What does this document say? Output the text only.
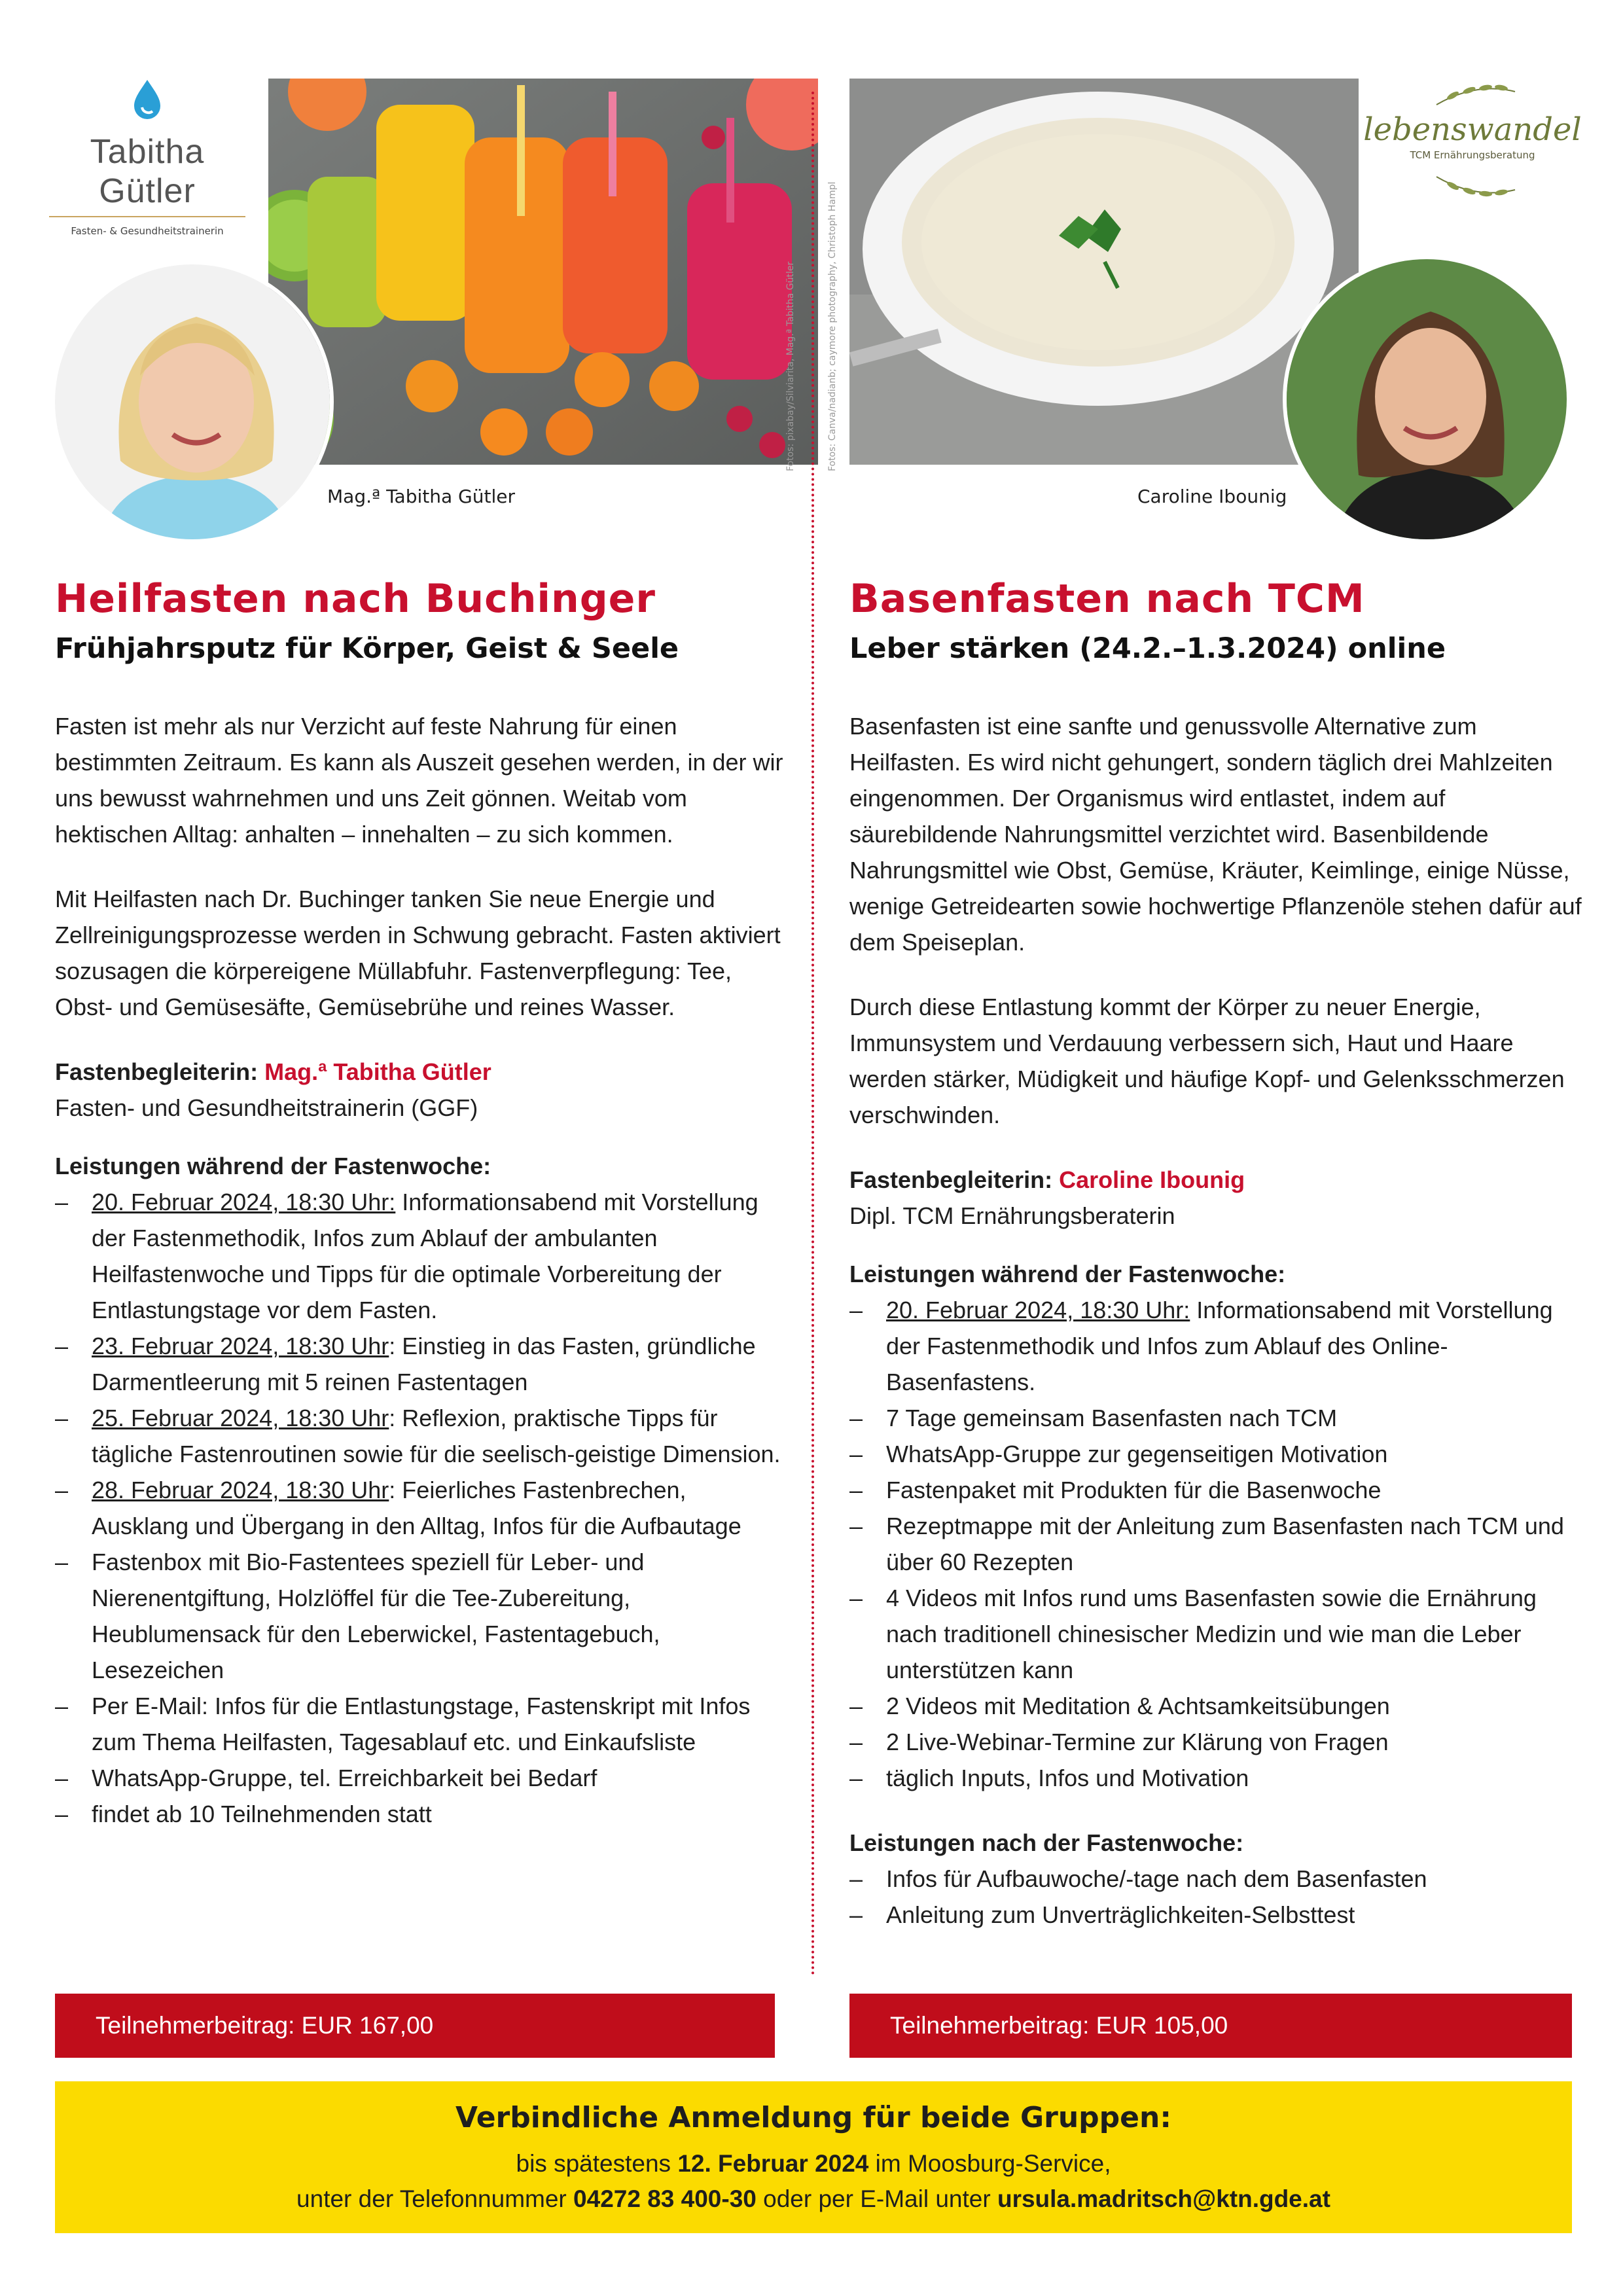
Tabitha Gütler
Fasten- & Gesundheitstrainerin
lebenswandel
TCM Ernährungsberatung
Fotos: pixabay/Silviarita, Mag.ª Tabitha Gütler	Fotos: Canva/nadianb; caymore photography, Christoph Hampl
Mag.ª Tabitha Gütler	Caroline Ibounig
Heilfasten nach Buchinger
Frühjahrsputz für Körper, Geist & Seele

Fasten ist mehr als nur Verzicht auf feste Nahrung für einen bestimmten Zeitraum. Es kann als Auszeit gesehen werden, in der wir uns bewusst wahrnehmen und uns Zeit gönnen. Weitab vom hektischen Alltag: anhalten – innehalten – zu sich kommen.

Mit Heilfasten nach Dr. Buchinger tanken Sie neue Energie und Zellreinigungsprozesse werden in Schwung gebracht. Fasten aktiviert sozusagen die körpereigene Müllabfuhr. Fastenverpflegung: Tee, Obst- und Gemüsesäfte, Gemüsebrühe und reines Wasser.

Fastenbegleiterin: Mag.ª Tabitha Gütler
Fasten- und Gesundheitstrainerin (GGF)
Leistungen während der Fastenwoche:
– 20. Februar 2024, 18:30 Uhr: Informationsabend mit Vorstellung der Fastenmethodik, Infos zum Ablauf der ambulanten Heilfastenwoche und Tipps für die optimale Vorbereitung der Entlastungstage vor dem Fasten.
– 23. Februar 2024, 18:30 Uhr: Einstieg in das Fasten, gründliche Darmentleerung mit 5 reinen Fastentagen
– 25. Februar 2024, 18:30 Uhr: Reflexion, praktische Tipps für tägliche Fastenroutinen sowie für die seelisch-geistige Dimension.
– 28. Februar 2024, 18:30 Uhr: Feierliches Fastenbrechen, Ausklang und Übergang in den Alltag, Infos für die Aufbautage
– Fastenbox mit Bio-Fastentees speziell für Leber- und Nierenentgiftung, Holzlöffel für die Tee-Zubereitung, Heublumensack für den Leberwickel, Fastentagebuch, Lesezeichen
– Per E-Mail: Infos für die Entlastungstage, Fastenskript mit Infos zum Thema Heilfasten, Tagesablauf etc. und Einkaufsliste
– WhatsApp-Gruppe, tel. Erreichbarkeit bei Bedarf
– findet ab 10 Teilnehmenden statt
Basenfasten nach TCM
Leber stärken (24.2.–1.3.2024) online

Basenfasten ist eine sanfte und genussvolle Alternative zum Heilfasten. Es wird nicht gehungert, sondern täglich drei Mahlzeiten eingenommen. Der Organismus wird entlastet, indem auf säurebildende Nahrungsmittel verzichtet wird. Basenbildende Nahrungsmittel wie Obst, Gemüse, Kräuter, Keimlinge, einige Nüsse, wenige Getreidearten sowie hochwertige Pflanzenöle stehen dafür auf dem Speiseplan.

Durch diese Entlastung kommt der Körper zu neuer Energie, Immunsystem und Verdauung verbessern sich, Haut und Haare werden stärker, Müdigkeit und häufige Kopf- und Gelenksschmerzen verschwinden.

Fastenbegleiterin: Caroline Ibounig
Dipl. TCM Ernährungsberaterin
Leistungen während der Fastenwoche:
– 20. Februar 2024, 18:30 Uhr: Informationsabend mit Vorstellung der Fastenmethodik und Infos zum Ablauf des Online-Basenfastens.
– 7 Tage gemeinsam Basenfasten nach TCM
– WhatsApp-Gruppe zur gegenseitigen Motivation
– Fastenpaket mit Produkten für die Basenwoche
– Rezeptmappe mit der Anleitung zum Basenfasten nach TCM und über 60 Rezepten
– 4 Videos mit Infos rund ums Basenfasten sowie die Ernährung nach traditionell chinesischer Medizin und wie man die Leber unterstützen kann
– 2 Videos mit Meditation & Achtsamkeitsübungen
– 2 Live-Webinar-Termine zur Klärung von Fragen
– täglich Inputs, Infos und Motivation
Leistungen nach der Fastenwoche:
– Infos für Aufbauwoche/-tage nach dem Basenfasten
– Anleitung zum Unverträglichkeiten-Selbsttest
Teilnehmerbeitrag: EUR 167,00	Teilnehmerbeitrag: EUR 105,00
Verbindliche Anmeldung für beide Gruppen:
bis spätestens 12. Februar 2024 im Moosburg-Service,
unter der Telefonnummer 04272 83 400-30 oder per E-Mail unter ursula.madritsch@ktn.gde.at
